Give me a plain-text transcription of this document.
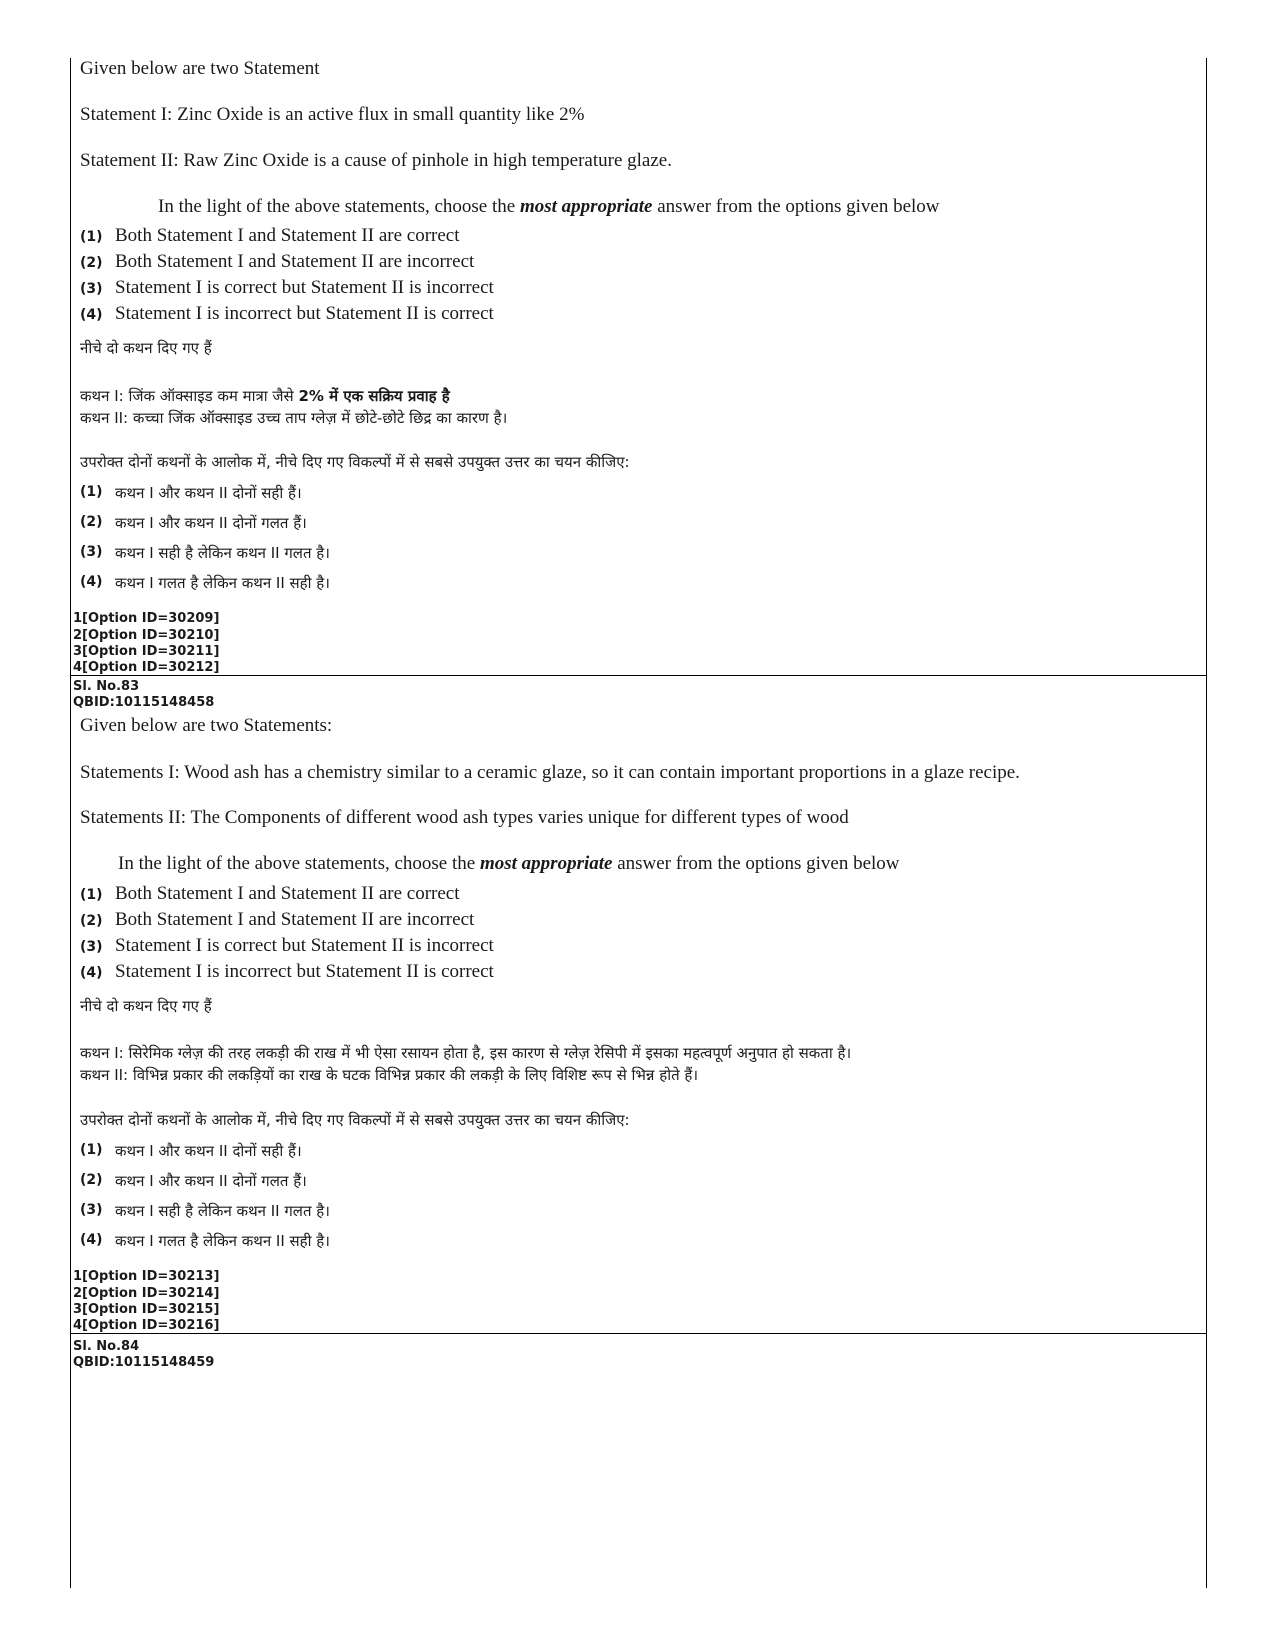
Given below are two Statement
Statement I: Zinc Oxide is an active flux in small quantity like 2%
Statement II: Raw Zinc Oxide is a cause of pinhole in high temperature glaze.
In the light of the above statements, choose the most appropriate answer from the options given below
(1) Both Statement I and Statement II are correct
(2) Both Statement I and Statement II are incorrect
(3) Statement I is correct but Statement II is incorrect
(4) Statement I is incorrect but Statement II is correct
नीचे दो कथन दिए गए हैं
कथन I: जिंक ऑक्साइड कम मात्रा जैसे 2% में एक सक्रिय प्रवाह है
कथन II: कच्चा जिंक ऑक्साइड उच्च ताप ग्लेज़ में छोटे-छोटे छिद्र का कारण है।
उपरोक्त दोनों कथनों के आलोक में, नीचे दिए गए विकल्पों में से सबसे उपयुक्त उत्तर का चयन कीजिए:
(1) कथन I और कथन II दोनों सही हैं।
(2) कथन I और कथन II दोनों गलत हैं।
(3) कथन I सही है लेकिन कथन II गलत है।
(4) कथन I गलत है लेकिन कथन II सही है।
1[Option ID=30209]
2[Option ID=30210]
3[Option ID=30211]
4[Option ID=30212]
Sl. No.83
QBID:10115148458
Given below are two Statements:
Statements I: Wood ash has a chemistry similar to a ceramic glaze, so it can contain important proportions in a glaze recipe.
Statements II: The Components of different wood ash types varies unique for different types of wood
In the light of the above statements, choose the most appropriate answer from the options given below
(1) Both Statement I and Statement II are correct
(2) Both Statement I and Statement II are incorrect
(3) Statement I is correct but Statement II is incorrect
(4) Statement I is incorrect but Statement II is correct
नीचे दो कथन दिए गए हैं
कथन I: सिरेमिक ग्लेज़ की तरह लकड़ी की राख में भी ऐसा रसायन होता है, इस कारण से ग्लेज़ रेसिपी में इसका महत्वपूर्ण अनुपात हो सकता है।
कथन II: विभिन्न प्रकार की लकड़ियों का राख के घटक विभिन्न प्रकार की लकड़ी के लिए विशिष्ट रूप से भिन्न होते हैं।
उपरोक्त दोनों कथनों के आलोक में, नीचे दिए गए विकल्पों में से सबसे उपयुक्त उत्तर का चयन कीजिए:
(1) कथन I और कथन II दोनों सही हैं।
(2) कथन I और कथन II दोनों गलत हैं।
(3) कथन I सही है लेकिन कथन II गलत है।
(4) कथन I गलत है लेकिन कथन II सही है।
1[Option ID=30213]
2[Option ID=30214]
3[Option ID=30215]
4[Option ID=30216]
Sl. No.84
QBID:10115148459
